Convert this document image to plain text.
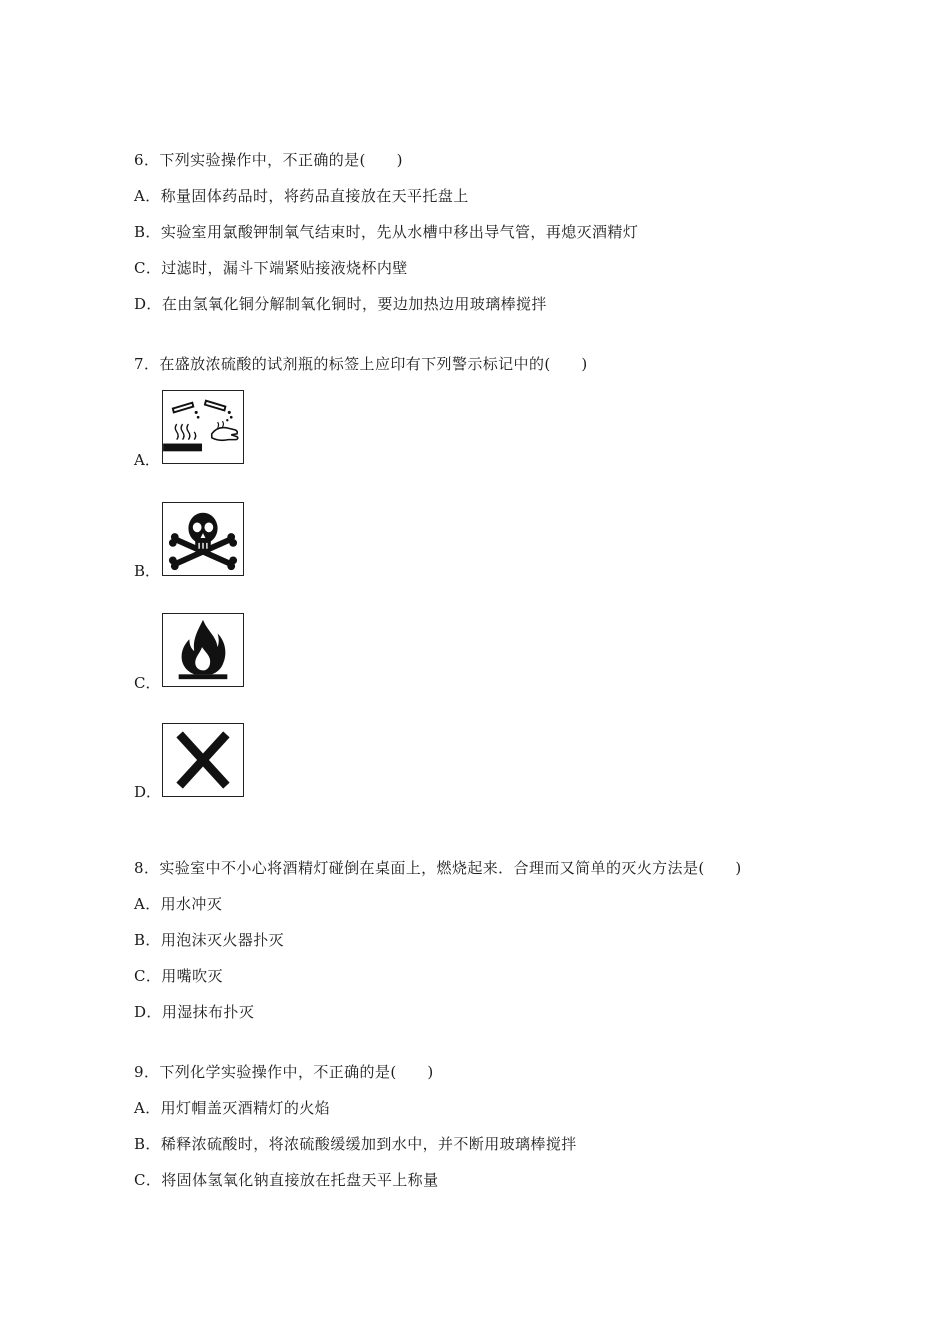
6．下列实验操作中，不正确的是(　　)
A．称量固体药品时，将药品直接放在天平托盘上
B．实验室用氯酸钾制氧气结束时，先从水槽中移出导气管，再熄灭酒精灯
C．过滤时，漏斗下端紧贴接液烧杯内壁
D．在由氢氧化铜分解制氧化铜时，要边加热边用玻璃棒搅拌
7．在盛放浓硫酸的试剂瓶的标签上应印有下列警示标记中的(　　)
A．
B．
C．
D．
8．实验室中不小心将酒精灯碰倒在桌面上，燃烧起来．合理而又简单的灭火方法是(　　)
A．用水冲灭
B．用泡沫灭火器扑灭
C．用嘴吹灭
D．用湿抹布扑灭
9．下列化学实验操作中，不正确的是(　　)
A．用灯帽盖灭酒精灯的火焰
B．稀释浓硫酸时，将浓硫酸缓缓加到水中，并不断用玻璃棒搅拌
C．将固体氢氧化钠直接放在托盘天平上称量
